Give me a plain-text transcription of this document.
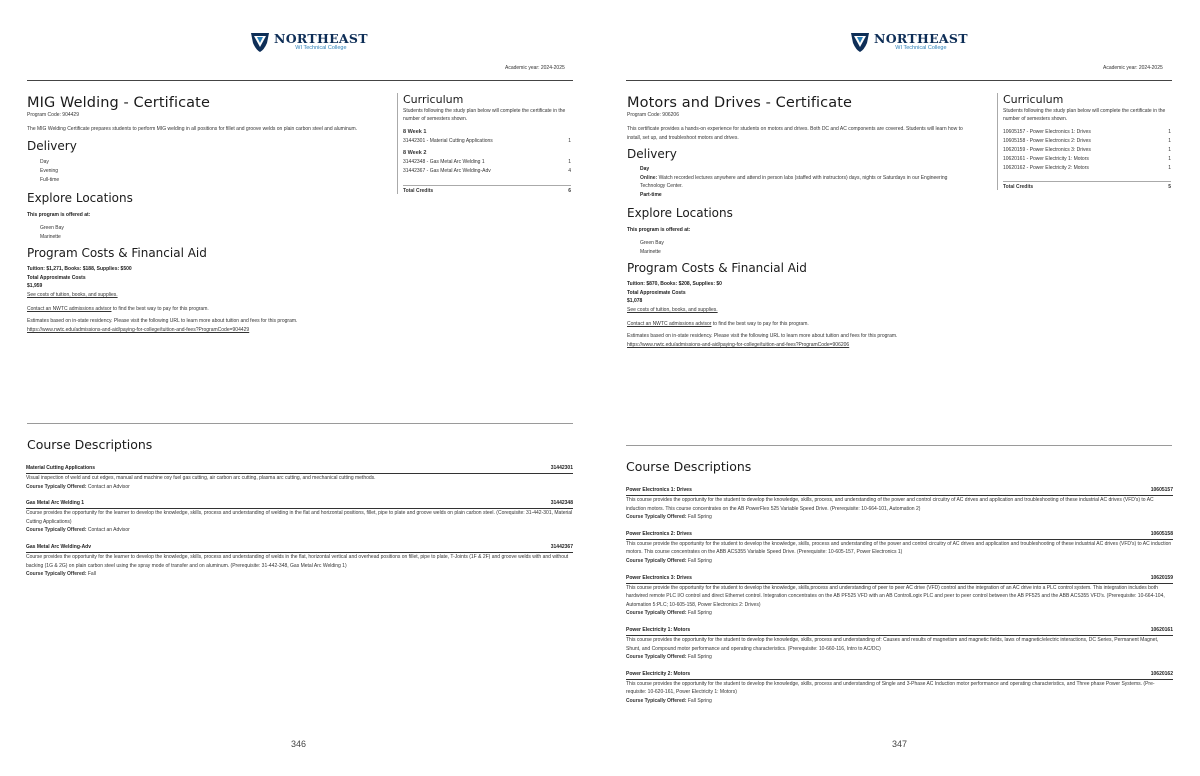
NORTHEAST
WI Technical College
Academic year: 2024-2025
MIG Welding - Certificate
Program Code: 904429
The MIG Welding Certificate prepares students to perform MIG welding in all positions for fillet and groove welds on plain carbon steel and aluminum.
Delivery
Day
Evening
Full-time
Explore Locations
This program is offered at:
Green Bay
Marinette
Program Costs & Financial Aid
Tuition: $1,271, Books: $188, Supplies: $500
Total Approximate Costs
$1,959
See costs of tuition, books, and supplies.
Contact an NWTC admissions advisor to find the best way to pay for this program.
Estimates based on in-state residency. Please visit the following URL to learn more about tuition and fees for this program.
https://www.nwtc.edu/admissions-and-aid/paying-for-college/tuition-and-fees?ProgramCode=904429
Curriculum
Students following the study plan below will complete the certificate in the number of semesters shown.
8 Week 1
31442301 - Material Cutting Applications	1
8 Week 2
31442348 - Gas Metal Arc Welding 1	1
31442367 - Gas Metal Arc Welding-Adv	4
Total Credits	6
Course Descriptions
Material Cutting Applications	31442301
Visual inspection of weld and cut edges, manual and machine oxy fuel gas cutting, air carbon arc cutting, plasma arc cutting, and mechanical cutting methods.
Course Typically Offered: Contact an Advisor
Gas Metal Arc Welding 1	31442348
Course provides the opportunity for the learner to develop the knowledge, skills, process and understanding of welding in the flat and horizontal positions, fillet, pipe to plate and groove welds on plain carbon steel. (Corequisite: 31-442-301, Material Cutting Applications)
Course Typically Offered: Contact an Advisor
Gas Metal Arc Welding-Adv	31442367
Course provides the opportunity for the learner to develop the knowledge, skills, process and understanding of welds in the flat, horizontal vertical and overhead positions on fillet, pipe to plate, T-Joints (1F & 2F) and groove welds with and without backing (1G & 2G) on plain carbon steel using the spray mode of transfer and on aluminum. (Prerequisite: 31-442-348, Gas Metal Arc Welding 1)
Course Typically Offered: Fall
346
NORTHEAST
WI Technical College
Academic year: 2024-2025
Motors and Drives - Certificate
Program Code: 906206
This certificate provides a hands-on experience for students on motors and drives. Both DC and AC components are covered. Students will learn how to install, set up, and troubleshoot motors and drives.
Delivery
Day
Online: Watch recorded lectures anywhere and attend in person labs (staffed with instructors) days, nights or Saturdays in our Engineering Technology Center.
Part-time
Explore Locations
This program is offered at:
Green Bay
Marinette
Program Costs & Financial Aid
Tuition: $870, Books: $208, Supplies: $0
Total Approximate Costs
$1,078
See costs of tuition, books, and supplies.
Contact an NWTC admissions advisor to find the best way to pay for this program.
Estimates based on in-state residency. Please visit the following URL to learn more about tuition and fees for this program.
https://www.nwtc.edu/admissions-and-aid/paying-for-college/tuition-and-fees?ProgramCode=906206
Curriculum
Students following the study plan below will complete the certificate in the number of semesters shown.
10605157 - Power Electronics 1: Drives	1
10605158 - Power Electronics 2: Drives	1
10620159 - Power Electronics 3: Drives	1
10620161 - Power Electricity 1: Motors	1
10620162 - Power Electricity 2: Motors	1
Total Credits	5
Course Descriptions
Power Electronics 1: Drives	10605157
This course provides the opportunity for the student to develop the knowledge, skills, process, and understanding of the power and control circuitry of AC drives and application and troubleshooting of these industrial AC drives (VFD's) to AC induction motors. This course concentrates on the AB PowerFlex 525 Variable Speed Drive. (Prerequisite: 10-664-101, Automation 2)
Course Typically Offered: Fall Spring
Power Electronics 2: Drives	10605158
This course provide the opportunity for the student to develop the knowledge, skills, process and understanding of the power and control circuitry of AC drives and application and troubleshooting of these industrial AC drives (VFD's) to AC induction motors. This course concentrates on the ABB ACS355 Variable Speed Drive. (Prerequisite: 10-605-157, Power Electronics 1)
Course Typically Offered: Fall Spring
Power Electronics 3: Drives	10620159
This course provide the opportunity for the student to develop the knowledge, skills,process and understanding of peer to peer AC drive (VFD) control and the integration of an AC drive into a PLC control system. This integration includes both hardwired remote PLC I/O control and direct Ethernet control. Integration concentrates on the AB PF525 VFD with an AB ControlLogix PLC and peer to peer control between the AB PF525 and the ABB ACS355 VFD's. (Prerequisite: 10-664-104, Automation 5:PLC; 10-605-158, Power Electronics 2: Drives)
Course Typically Offered: Fall Spring
Power Electricity 1: Motors	10620161
This course provides the opportunity for the student to develop the knowledge, skills, process and understanding of: Causes and results of magnetism and magnetic fields, laws of magnetic/electric interactions, DC Series, Permanent Magnet, Shunt, and Compound motor performance and operating characteristics. (Prerequisite: 10-660-116, Intro to AC/DC)
Course Typically Offered: Fall Spring
Power Electricity 2: Motors	10620162
This course provides the opportunity for the student to develop the knowledge, skills, process and understanding of Single and 3-Phase AC Induction motor performance and operating characteristics, and Three phase Power Systems. (Pre-requisite: 10-620-161, Power Electricity 1: Motors)
Course Typically Offered: Fall Spring
347
